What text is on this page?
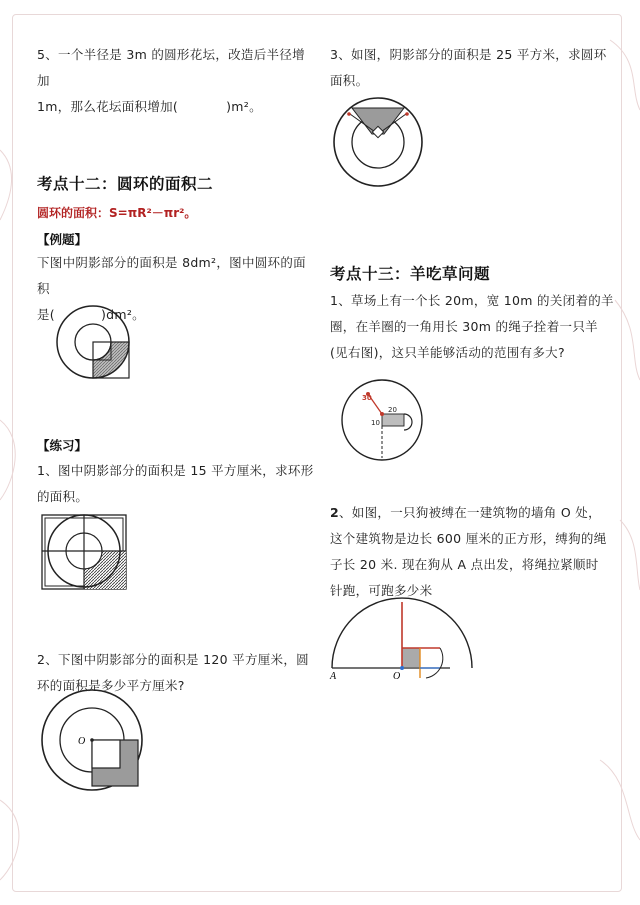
5、一个半径是 3m 的圆形花坛，改造后半径增加
1m，那么花坛面积增加(	)m²。
考点十二：圆环的面积二
圆环的面积：S=πR²－πr²。
【例题】
下图中阴影部分的面积是 8dm²，图中圆环的面积
是(	)dm²。
【练习】
1、图中阴影部分的面积是 15 平方厘米，求环形
的面积。
2、下图中阴影部分的面积是 120 平方厘米，圆
环的面积是多少平方厘米?
O
3、如图，阴影部分的面积是 25 平方米，求圆环
面积。
考点十三：羊吃草问题
1、草场上有一个长 20m，宽 10m 的关闭着的羊
圈，在羊圈的一角用长 30m 的绳子拴着一只羊
(见右图)，这只羊能够活动的范围有多大?
30
20
10
2、如图，一只狗被缚在一建筑物的墙角 O 处，
这个建筑物是边长 600 厘米的正方形，缚狗的绳
子长 20 米. 现在狗从 A 点出发，将绳拉紧顺时
针跑，可跑多少米
A	O
